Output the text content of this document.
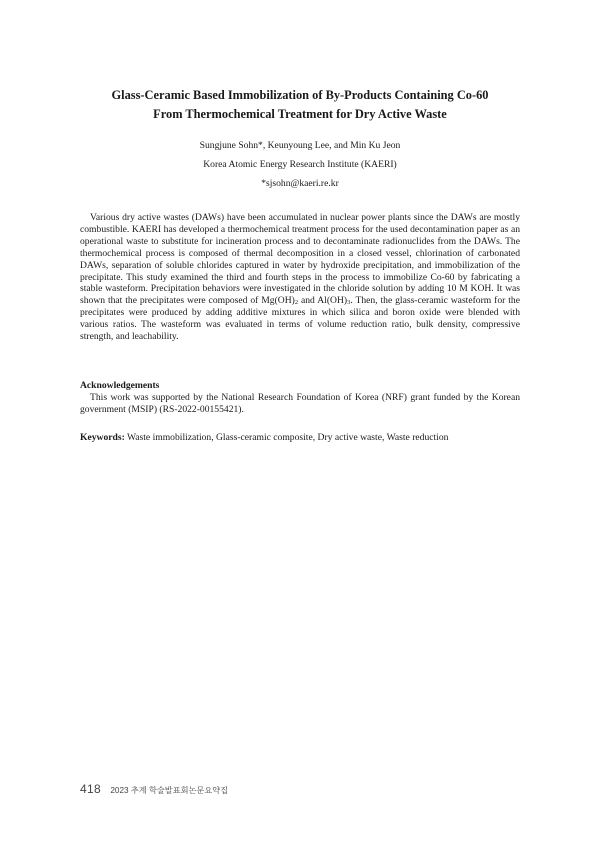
Glass-Ceramic Based Immobilization of By-Products Containing Co-60
From Thermochemical Treatment for Dry Active Waste

Sungjune Sohn*, Keunyoung Lee, and Min Ku Jeon

Korea Atomic Energy Research Institute (KAERI)

*sjsohn@kaeri.re.kr

Various dry active wastes (DAWs) have been accumulated in nuclear power plants since the DAWs are mostly combustible. KAERI has developed a thermochemical treatment process for the used decontamination paper as an operational waste to substitute for incineration process and to decontaminate radionuclides from the DAWs. The thermochemical process is composed of thermal decomposition in a closed vessel, chlorination of carbonated DAWs, separation of soluble chlorides captured in water by hydroxide precipitation, and immobilization of the precipitate. This study examined the third and fourth steps in the process to immobilize Co-60 by fabricating a stable wasteform. Precipitation behaviors were investigated in the chloride solution by adding 10 M KOH. It was shown that the precipitates were composed of $Mg(OH)_2$ and $Al(OH)_3$. Then, the glass-ceramic wasteform for the precipitates were produced by adding additive mixtures in which silica and boron oxide were blended with various ratios. The wasteform was evaluated in terms of volume reduction ratio, bulk density, compressive strength, and leachability.

Acknowledgements

This work was supported by the National Research Foundation of Korea (NRF) grant funded by the Korean government (MSIP) (RS-2022-00155421).

Keywords: Waste immobilization, Glass-ceramic composite, Dry active waste, Waste reduction

418 2023 추계 학술발표회논문요약집
